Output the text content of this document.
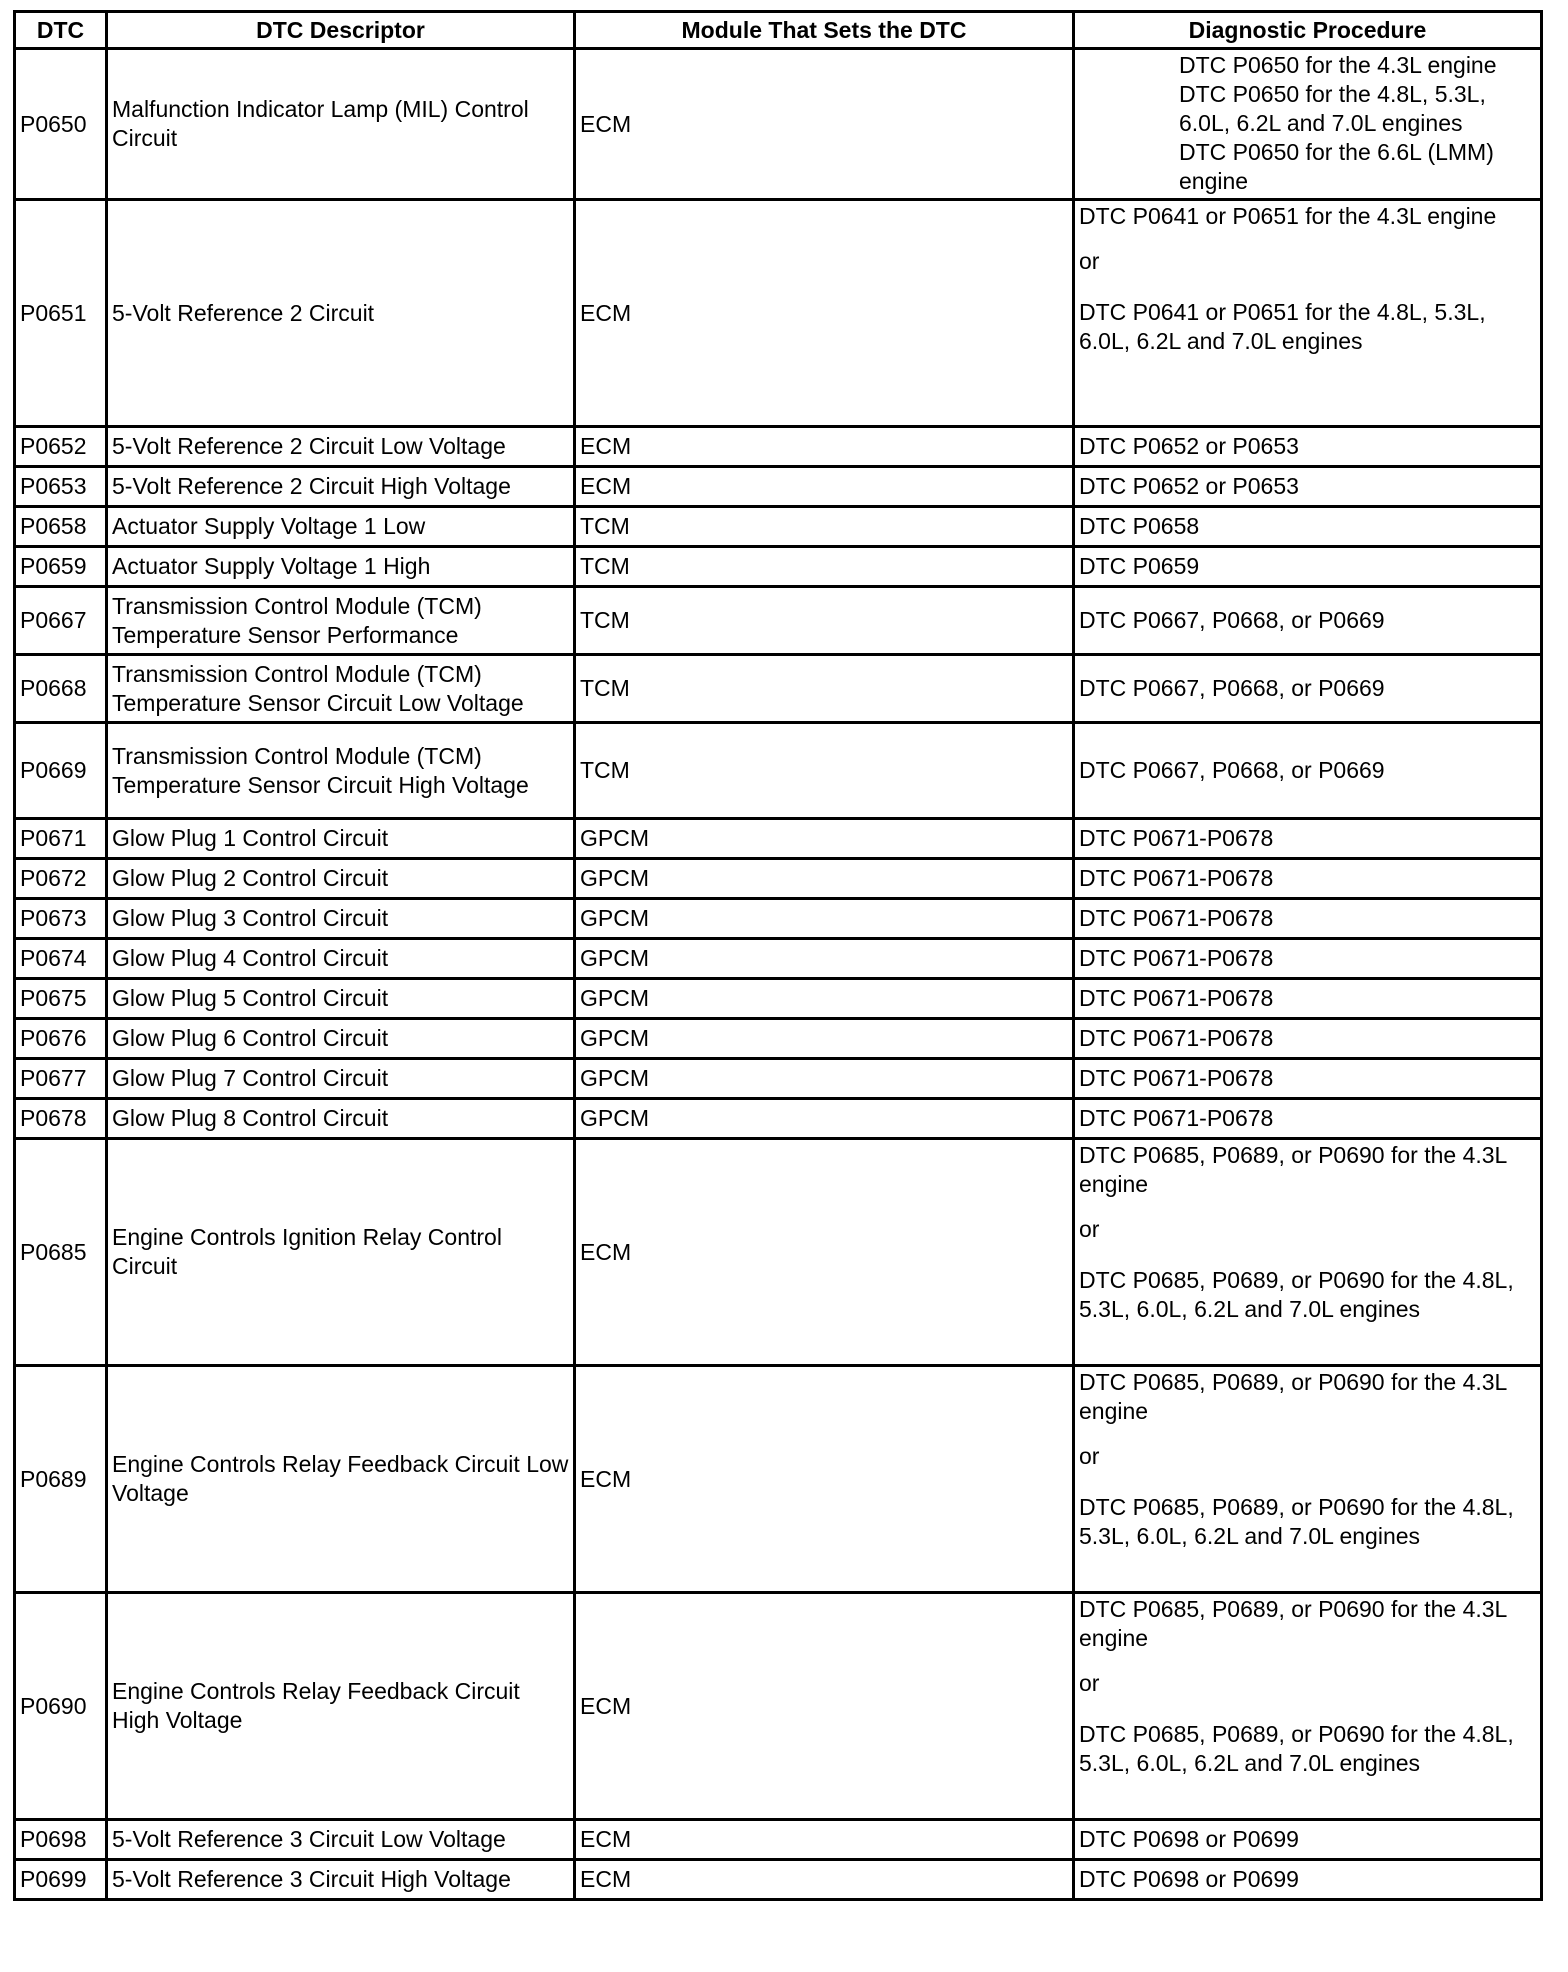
DTC	DTC Descriptor	Module That Sets the DTC	Diagnostic Procedure
P0650	Malfunction Indicator Lamp (MIL) Control Circuit	ECM	DTC P0650 for the 4.3L engine
DTC P0650 for the 4.8L, 5.3L, 6.0L, 6.2L and 7.0L engines
DTC P0650 for the 6.6L (LMM) engine

P0651	5-Volt Reference 2 Circuit	ECM	DTC P0641 or P0651 for the 4.3L engine
or
DTC P0641 or P0651 for the 4.8L, 5.3L, 6.0L, 6.2L and 7.0L engines

P0652	5-Volt Reference 2 Circuit Low Voltage	ECM	DTC P0652 or P0653
P0653	5-Volt Reference 2 Circuit High Voltage	ECM	DTC P0652 or P0653
P0658	Actuator Supply Voltage 1 Low	TCM	DTC P0658
P0659	Actuator Supply Voltage 1 High	TCM	DTC P0659
P0667	Transmission Control Module (TCM) Temperature Sensor Performance	TCM	DTC P0667, P0668, or P0669
P0668	Transmission Control Module (TCM) Temperature Sensor Circuit Low Voltage	TCM	DTC P0667, P0668, or P0669
P0669	Transmission Control Module (TCM) Temperature Sensor Circuit High Voltage	TCM	DTC P0667, P0668, or P0669
P0671	Glow Plug 1 Control Circuit	GPCM	DTC P0671-P0678
P0672	Glow Plug 2 Control Circuit	GPCM	DTC P0671-P0678
P0673	Glow Plug 3 Control Circuit	GPCM	DTC P0671-P0678
P0674	Glow Plug 4 Control Circuit	GPCM	DTC P0671-P0678
P0675	Glow Plug 5 Control Circuit	GPCM	DTC P0671-P0678
P0676	Glow Plug 6 Control Circuit	GPCM	DTC P0671-P0678
P0677	Glow Plug 7 Control Circuit	GPCM	DTC P0671-P0678
P0678	Glow Plug 8 Control Circuit	GPCM	DTC P0671-P0678
P0685	Engine Controls Ignition Relay Control Circuit	ECM	DTC P0685, P0689, or P0690 for the 4.3L engine
or
DTC P0685, P0689, or P0690 for the 4.8L, 5.3L, 6.0L, 6.2L and 7.0L engines

P0689	Engine Controls Relay Feedback Circuit Low Voltage	ECM	DTC P0685, P0689, or P0690 for the 4.3L engine
or
DTC P0685, P0689, or P0690 for the 4.8L, 5.3L, 6.0L, 6.2L and 7.0L engines

P0690	Engine Controls Relay Feedback Circuit High Voltage	ECM	DTC P0685, P0689, or P0690 for the 4.3L engine
or
DTC P0685, P0689, or P0690 for the 4.8L, 5.3L, 6.0L, 6.2L and 7.0L engines

P0698	5-Volt Reference 3 Circuit Low Voltage	ECM	DTC P0698 or P0699
P0699	5-Volt Reference 3 Circuit High Voltage	ECM	DTC P0698 or P0699
